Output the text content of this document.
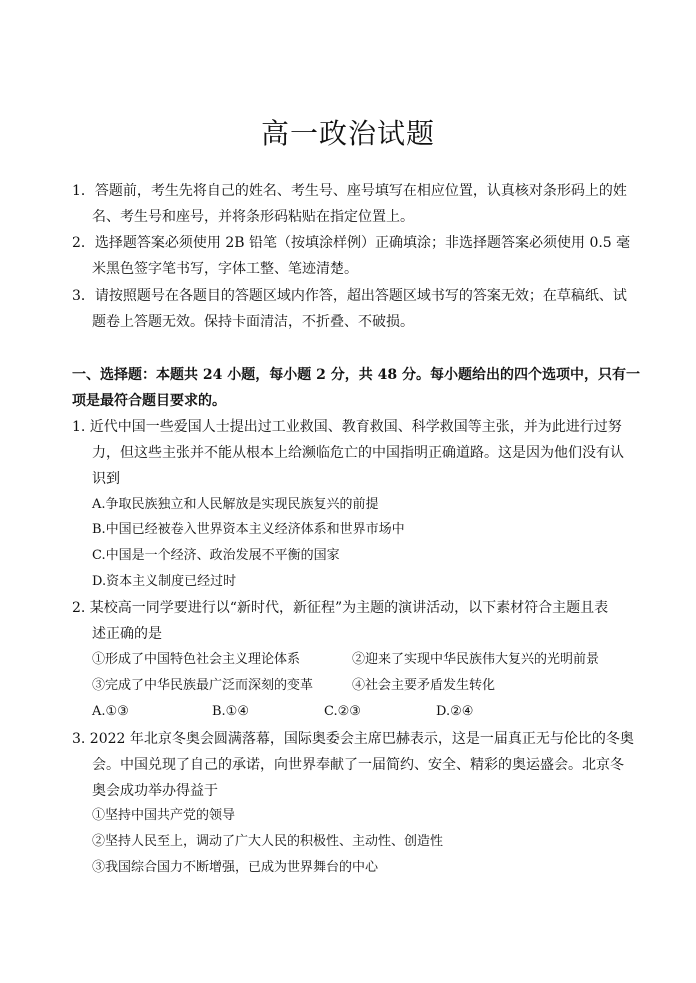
高一政治试题
1．答题前，考生先将自己的姓名、考生号、座号填写在相应位置，认真核对条形码上的姓
名、考生号和座号，并将条形码粘贴在指定位置上。
2．选择题答案必须使用 2B 铅笔（按填涂样例）正确填涂；非选择题答案必须使用 0.5 毫
米黑色签字笔书写，字体工整、笔迹清楚。
3．请按照题号在各题目的答题区域内作答，超出答题区域书写的答案无效；在草稿纸、试
题卷上答题无效。保持卡面清洁，不折叠、不破损。
一、选择题：本题共 24 小题，每小题 2 分，共 48 分。每小题给出的四个选项中，只有一
项是最符合题目要求的。
1. 近代中国一些爱国人士提出过工业救国、教育救国、科学救国等主张，并为此进行过努
力，但这些主张并不能从根本上给濒临危亡的中国指明正确道路。这是因为他们没有认
识到
A.争取民族独立和人民解放是实现民族复兴的前提
B.中国已经被卷入世界资本主义经济体系和世界市场中
C.中国是一个经济、政治发展不平衡的国家
D.资本主义制度已经过时
2. 某校高一同学要进行以“新时代，新征程”为主题的演讲活动，以下素材符合主题且表
述正确的是
①形成了中国特色社会主义理论体系	②迎来了实现中华民族伟大复兴的光明前景
③完成了中华民族最广泛而深刻的变革	④社会主要矛盾发生转化
A.①③	B.①④	C.②③	D.②④
3. 2022 年北京冬奥会圆满落幕，国际奥委会主席巴赫表示，这是一届真正无与伦比的冬奥
会。中国兑现了自己的承诺，向世界奉献了一届简约、安全、精彩的奥运盛会。北京冬
奥会成功举办得益于
①坚持中国共产党的领导
②坚持人民至上，调动了广大人民的积极性、主动性、创造性
③我国综合国力不断增强，已成为世界舞台的中心
